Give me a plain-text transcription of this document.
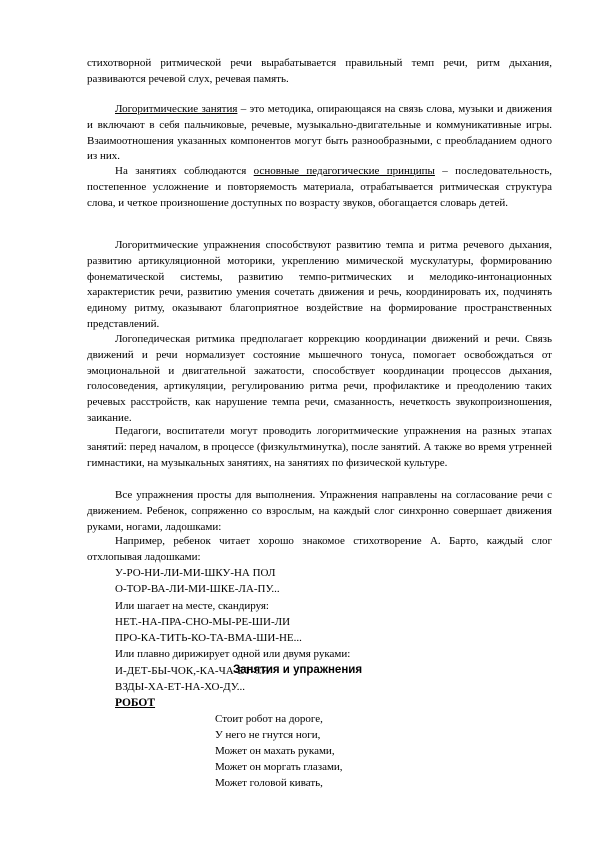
стихотворной ритмической речи вырабатывается правильный темп речи, ритм дыхания, развиваются речевой слух, речевая память.
Логоритмические занятия – это методика, опирающаяся на связь слова, музыки и движения и включают в себя пальчиковые, речевые, музыкально-двигательные и коммуникативные игры. Взаимоотношения указанных компонентов могут быть разнообразными, с преобладанием одного из них.
На занятиях соблюдаются основные педагогические принципы – последовательность, постепенное усложнение и повторяемость материала, отрабатывается ритмическая структура слова, и четкое произношение доступных по возрасту звуков, обогащается словарь детей.
Логоритмические упражнения способствуют развитию темпа и ритма речевого дыхания, развитию артикуляционной моторики, укреплению мимической мускулатуры, формированию фонематической системы, развитию темпо-ритмических и мелодико-интонационных характеристик речи, развитию умения сочетать движения и речь, координировать их, подчинять единому ритму, оказывают благоприятное воздействие на формирование пространственных представлений.
Логопедическая ритмика предполагает коррекцию координации движений и речи. Связь движений и речи нормализует состояние мышечного тонуса, помогает освобождаться от эмоциональной и двигательной зажатости, способствует координации процессов дыхания, голосоведения, артикуляции, регулированию ритма речи, профилактике и преодолению таких речевых расстройств, как нарушение темпа речи, смазанность, нечеткость звукопроизношения, заикание.
Педагоги, воспитатели могут проводить логоритмические упражнения на разных этапах занятий: перед началом, в процессе (физкультминутка), после занятий. А также во время утренней гимнастики, на музыкальных занятиях, на занятиях по физической культуре.
Все упражнения просты для выполнения. Упражнения направлены на согласование речи с движением. Ребенок, сопряженно со взрослым, на каждый слог синхронно совершает движения руками, ногами, ладошками:
Например, ребенок читает хорошо знакомое стихотворение А. Барто, каждый слог отхлопывая ладошками:
У-РО-НИ-ЛИ-МИ-ШКУ-НА ПОЛ
О-ТОР-ВА-ЛИ-МИ-ШКЕ-ЛА-ПУ...
Или шагает на месте, скандируя:
НЕТ.-НА-ПРА-СНО-МЫ-РЕ-ШИ-ЛИ
ПРО-КА-ТИТЬ-КО-ТА-ВМА-ШИ-НЕ...
Или плавно дирижирует одной или двумя руками:
И-ДЕТ-БЫ-ЧОК,-КА-ЧА-ЕТ-СЯ
ВЗДЫ-ХА-ЕТ-НА-ХО-ДУ...
Занятия и упражнения
РОБОТ
Стоит робот на дороге,
У него не гнутся ноги,
Может он махать руками,
Может он моргать глазами,
Может головой кивать,
